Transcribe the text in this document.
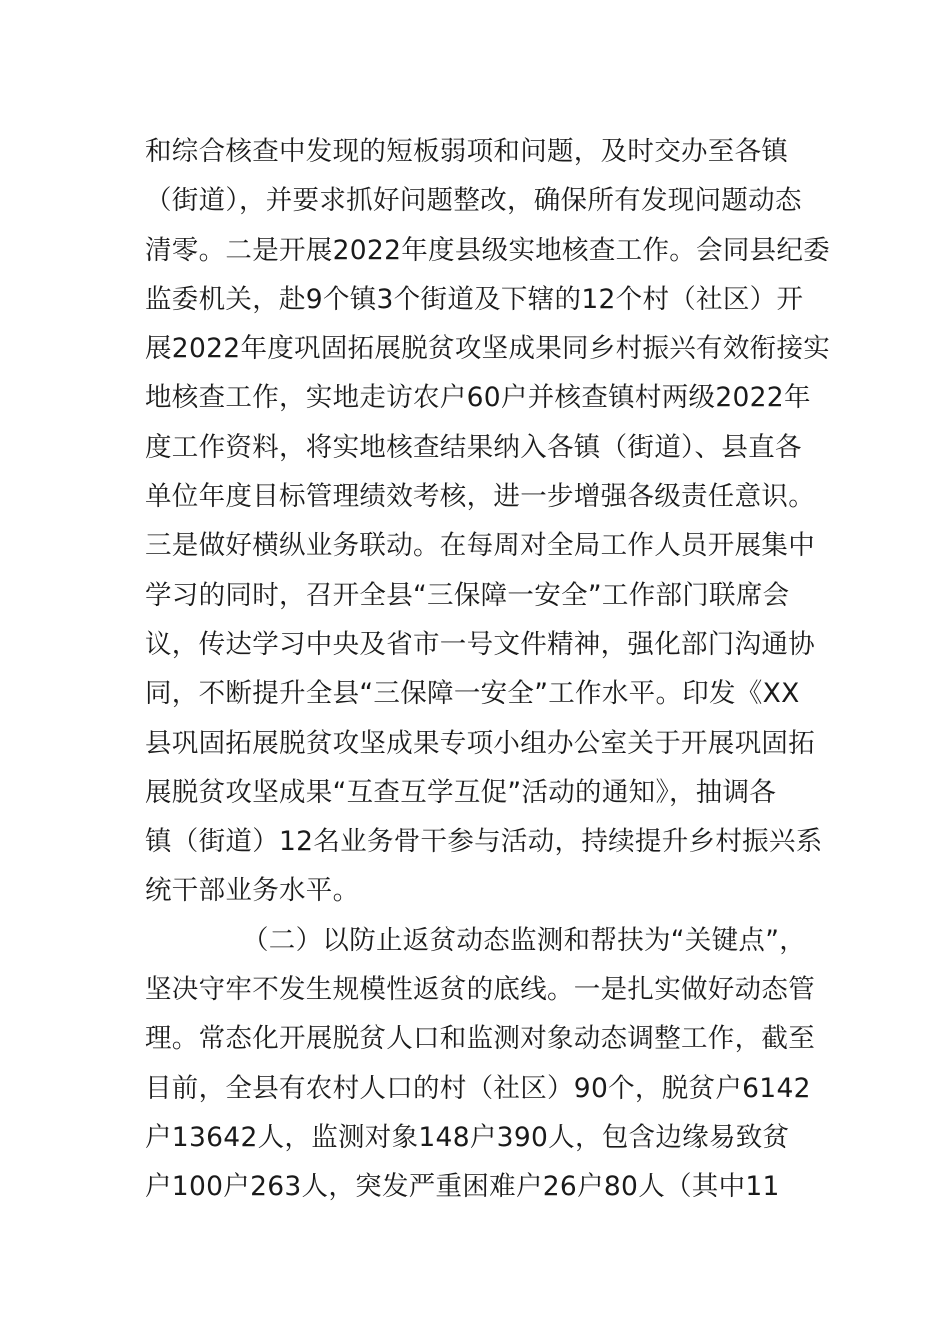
和综合核查中发现的短板弱项和问题，及时交办至各镇
（街道），并要求抓好问题整改，确保所有发现问题动态
清零。二是开展2022年度县级实地核查工作。会同县纪委
监委机关，赴9个镇3个街道及下辖的12个村（社区）开
展2022年度巩固拓展脱贫攻坚成果同乡村振兴有效衔接实
地核查工作，实地走访农户60户并核查镇村两级2022年
度工作资料，将实地核查结果纳入各镇（街道）、县直各
单位年度目标管理绩效考核，进一步增强各级责任意识。
三是做好横纵业务联动。在每周对全局工作人员开展集中
学习的同时，召开全县“三保障一安全”工作部门联席会
议，传达学习中央及省市一号文件精神，强化部门沟通协
同，不断提升全县“三保障一安全”工作水平。印发《XX
县巩固拓展脱贫攻坚成果专项小组办公室关于开展巩固拓
展脱贫攻坚成果“互查互学互促”活动的通知》，抽调各
镇（街道）12名业务骨干参与活动，持续提升乡村振兴系
统干部业务水平。
（二）以防止返贫动态监测和帮扶为“关键点”，
坚决守牢不发生规模性返贫的底线。一是扎实做好动态管
理。常态化开展脱贫人口和监测对象动态调整工作，截至
目前，全县有农村人口的村（社区）90个，脱贫户6142
户13642人，监测对象148户390人，包含边缘易致贫
户100户263人，突发严重困难户26户80人（其中11
